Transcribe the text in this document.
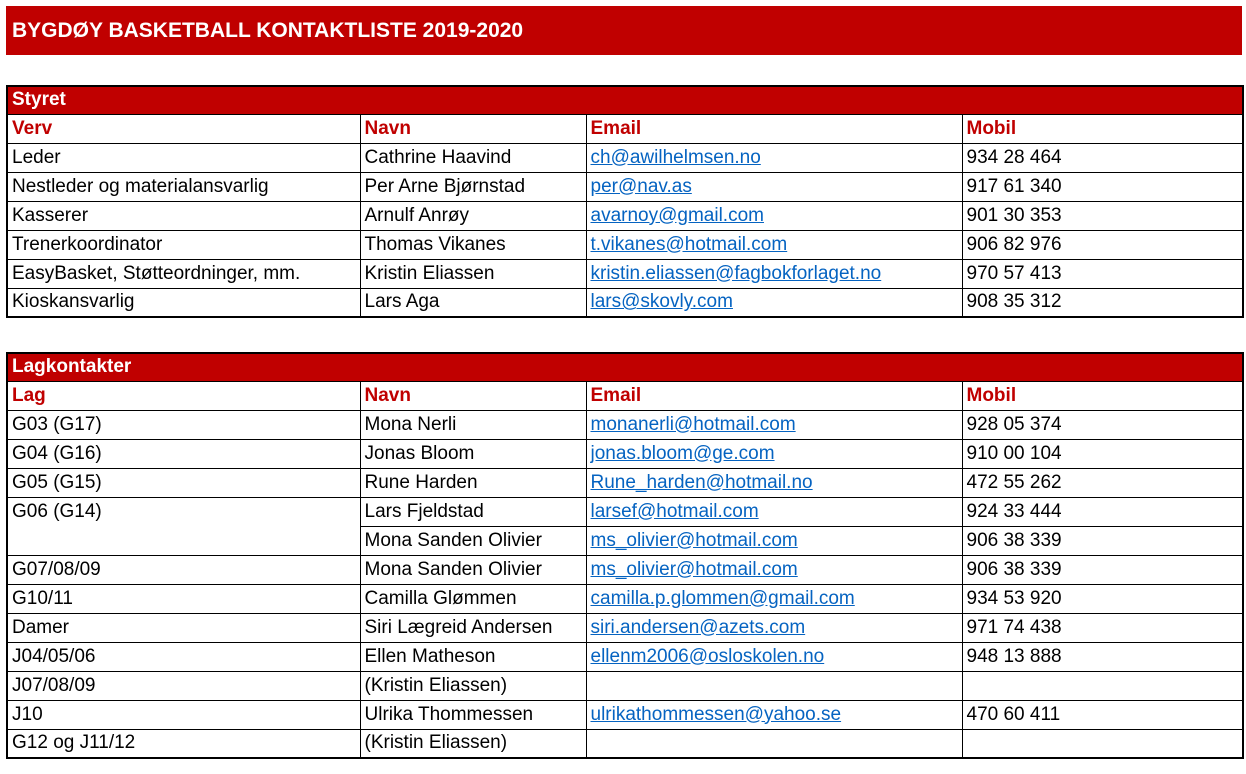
BYGDØY BASKETBALL KONTAKTLISTE 2019-2020
Styret			
Verv	Navn	Email	Mobil
Leder	Cathrine Haavind	ch@awilhelmsen.no	934 28 464
Nestleder og materialansvarlig	Per Arne Bjørnstad	per@nav.as	917 61 340
Kasserer	Arnulf Anrøy	avarnoy@gmail.com	901 30 353
Trenerkoordinator	Thomas Vikanes	t.vikanes@hotmail.com	906 82 976
EasyBasket, Støtteordninger, mm.	Kristin Eliassen	kristin.eliassen@fagbokforlaget.no	970 57 413
Kioskansvarlig	Lars Aga	lars@skovly.com	908 35 312
Lagkontakter			
Lag	Navn	Email	Mobil
G03 (G17)	Mona Nerli	monanerli@hotmail.com	928 05 374
G04 (G16)	Jonas Bloom	jonas.bloom@ge.com	910 00 104
G05 (G15)	Rune Harden	Rune_harden@hotmail.no	472 55 262
G06 (G14)	Lars Fjeldstad	larsef@hotmail.com	924 33 444
	Mona Sanden Olivier	ms_olivier@hotmail.com	906 38 339
G07/08/09	Mona Sanden Olivier	ms_olivier@hotmail.com	906 38 339
G10/11	Camilla Glømmen	camilla.p.glommen@gmail.com	934 53 920
Damer	Siri Lægreid Andersen	siri.andersen@azets.com	971 74 438
J04/05/06	Ellen Matheson	ellenm2006@osloskolen.no	948 13 888
J07/08/09	(Kristin Eliassen)		
J10	Ulrika Thommessen	ulrikathommessen@yahoo.se	470 60 411
G12 og J11/12	(Kristin Eliassen)		
